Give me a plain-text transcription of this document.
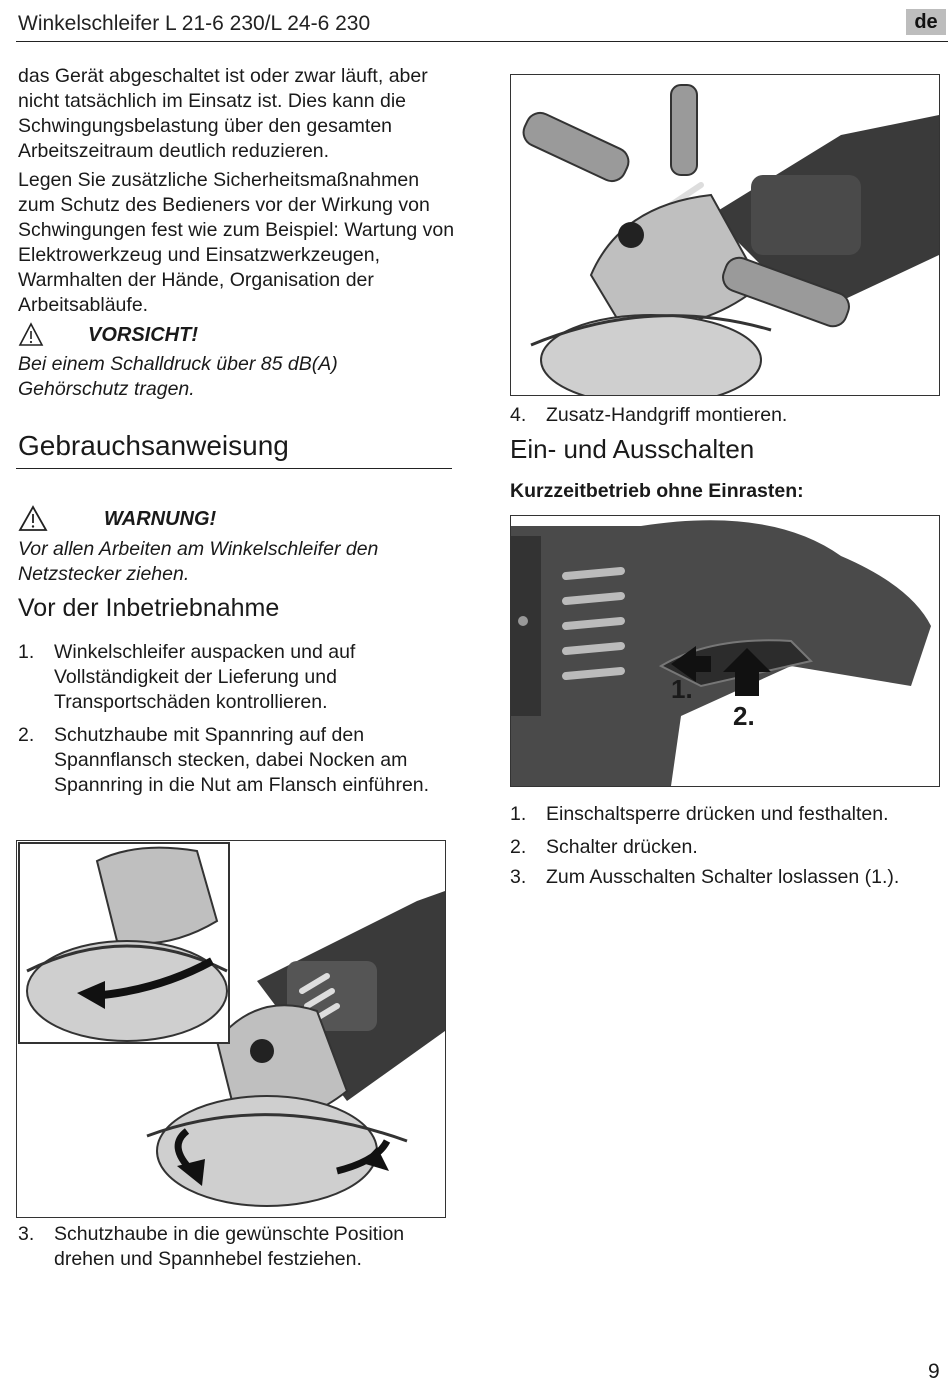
Winkelschleifer L 21-6 230/L 24-6 230	de

das Gerät abgeschaltet ist oder zwar läuft, aber nicht tatsächlich im Einsatz ist. Dies kann die Schwingungsbelastung über den gesamten Arbeitszeitraum deutlich reduzieren.

Legen Sie zusätzliche Sicherheitsmaßnahmen zum Schutz des Bedieners vor der Wirkung von Schwingungen fest wie zum Beispiel: Wartung von Elektrowerkzeug und Einsatzwerkzeugen, Warmhalten der Hände, Organisation der Arbeitsabläufe.

VORSICHT!

Bei einem Schalldruck über 85 dB(A) Gehörschutz tragen.

Gebrauchsanweisung
WARNUNG!

Vor allen Arbeiten am Winkelschleifer den Netzstecker ziehen.

Vor der Inbetriebnahme
1.	Winkelschleifer auspacken und auf Vollständigkeit der Lieferung und Transportschäden kontrollieren.
2.	Schutzhaube mit Spannring auf den Spannflansch stecken, dabei Nocken am Spannring in die Nut am Flansch einführen.
3.	Schutzhaube in die gewünschte Position drehen und Spannhebel festziehen.
4.	Zusatz-Handgriff montieren.
Ein- und Ausschalten
Kurzzeitbetrieb ohne Einrasten:
1.
2.
1.	Einschaltsperre drücken und festhalten.
2.	Schalter drücken.
3.	Zum Ausschalten Schalter loslassen (1.).
9
